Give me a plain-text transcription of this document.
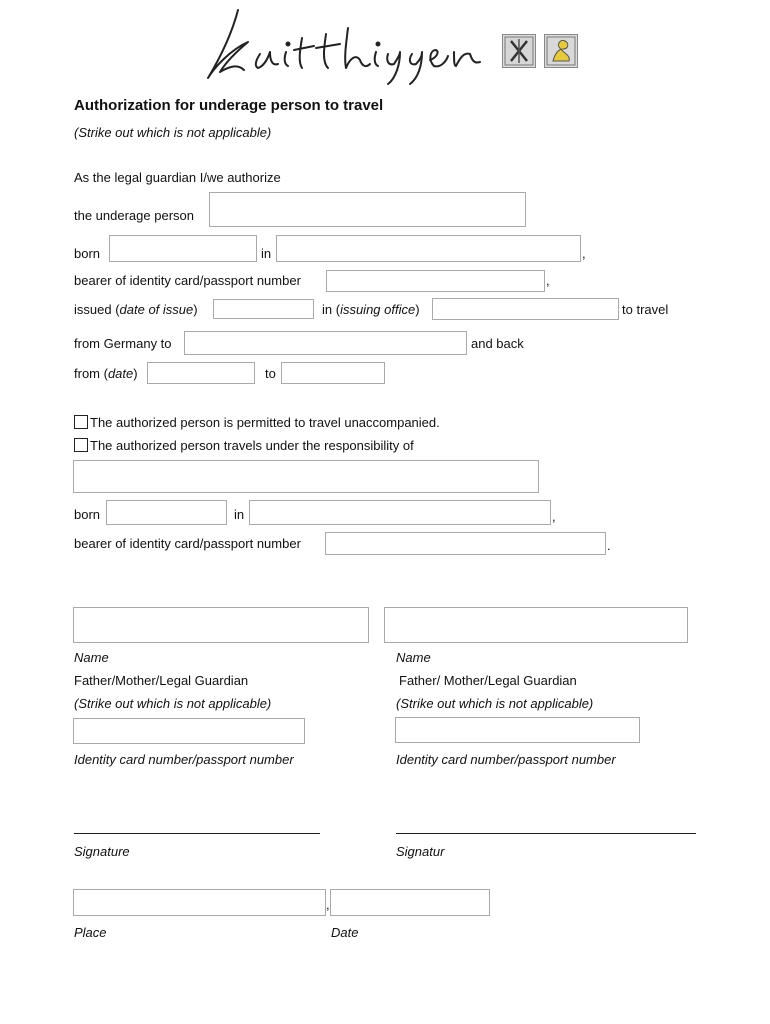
Authorization for underage person to travel
(Strike out which is not applicable)
As the legal guardian I/we authorize
the underage person
born	in	,
bearer of identity card/passport number	,
issued (date of issue)	in (issuing office)	to travel
from Germany to	and back
from (date)	to
The authorized person is permitted to travel unaccompanied.
The authorized person travels under the responsibility of
born	in	,
bearer of identity card/passport number	.
Name	Name
Father/Mother/Legal Guardian	Father/ Mother/Legal Guardian
(Strike out which is not applicable)	(Strike out which is not applicable)
Identity card number/passport number	Identity card number/passport number
Signature	Signatur
,
Place	Date
